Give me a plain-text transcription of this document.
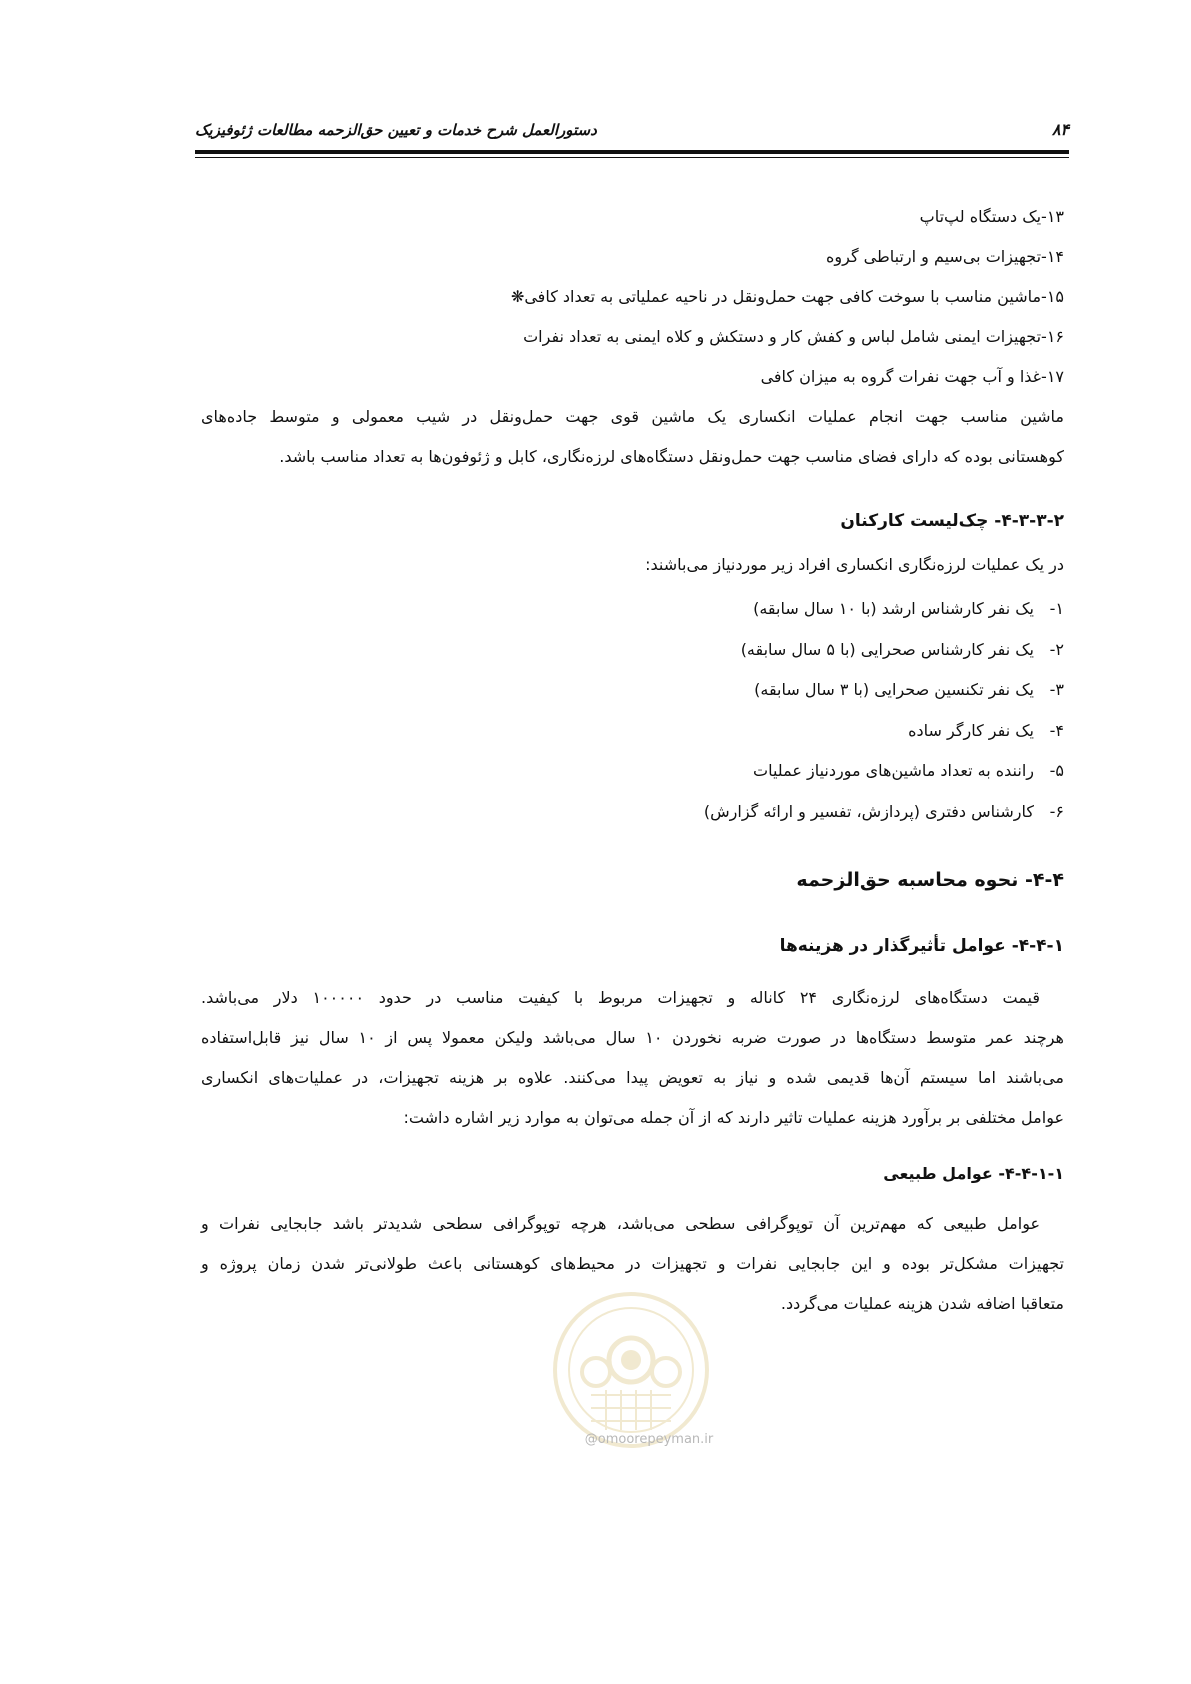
دستورالعمل شرح خدمات و تعیین حق‌الزحمه مطالعات ژئوفیزیک	۸۴
۱۳-یک دستگاه لپ‌تاپ
۱۴-تجهیزات بی‌سیم و ارتباطی گروه
۱۵-ماشین مناسب با سوخت کافی جهت حمل‌ونقل در ناحیه عملیاتی به تعداد کافی❋
۱۶-تجهیزات ایمنی شامل لباس و کفش کار و دستکش و کلاه ایمنی به تعداد نفرات
۱۷-غذا و آب جهت نفرات گروه به میزان کافی
ماشین مناسب جهت انجام عملیات انکساری یک ماشین قوی جهت حمل‌ونقل در شیب معمولی و متوسط جاده‌های
کوهستانی بوده که دارای فضای مناسب جهت حمل‌ونقل دستگاه‌های لرزه‌نگاری، کابل و ژئوفون‌ها به تعداد مناسب باشد.
۴-۳-۳-۲- چک‌لیست کارکنان
در یک عملیات لرزه‌نگاری انکساری افراد زیر موردنیاز می‌باشند:
۱-یک نفر کارشناس ارشد (با ۱۰ سال سابقه)
۲-یک نفر کارشناس صحرایی (با ۵ سال سابقه)
۳-یک نفر تکنسین صحرایی (با ۳ سال سابقه)
۴-یک نفر کارگر ساده
۵-راننده به تعداد ماشین‌های موردنیاز عملیات
۶-کارشناس دفتری (پردازش، تفسیر و ارائه گزارش)
۴-۴- نحوه محاسبه حق‌الزحمه
۴-۴-۱- عوامل تأثیرگذار در هزینه‌ها
قیمت دستگاه‌های لرزه‌نگاری ۲۴ کاناله و تجهیزات مربوط با کیفیت مناسب در حدود ۱۰۰۰۰۰ دلار می‌باشد.
هرچند عمر متوسط دستگاه‌ها در صورت ضربه نخوردن ۱۰ سال می‌باشد ولیکن معمولا پس از ۱۰ سال نیز قابل‌استفاده
می‌باشند اما سیستم آن‌ها قدیمی شده و نیاز به تعویض پیدا می‌کنند. علاوه بر هزینه تجهیزات، در عملیات‌های انکساری
عوامل مختلفی بر برآورد هزینه عملیات تاثیر دارند که از آن جمله می‌توان به موارد زیر اشاره داشت:
۴-۴-۱-۱- عوامل طبیعی
عوامل طبیعی که مهم‌ترین آن توپوگرافی سطحی می‌باشد، هرچه توپوگرافی سطحی شدیدتر باشد جابجایی نفرات و
تجهیزات مشکل‌تر بوده و این جابجایی نفرات و تجهیزات در محیط‌های کوهستانی باعث طولانی‌تر شدن زمان پروژه و
متعاقبا اضافه شدن هزینه عملیات می‌گردد.
@omoorepeyman.ir
